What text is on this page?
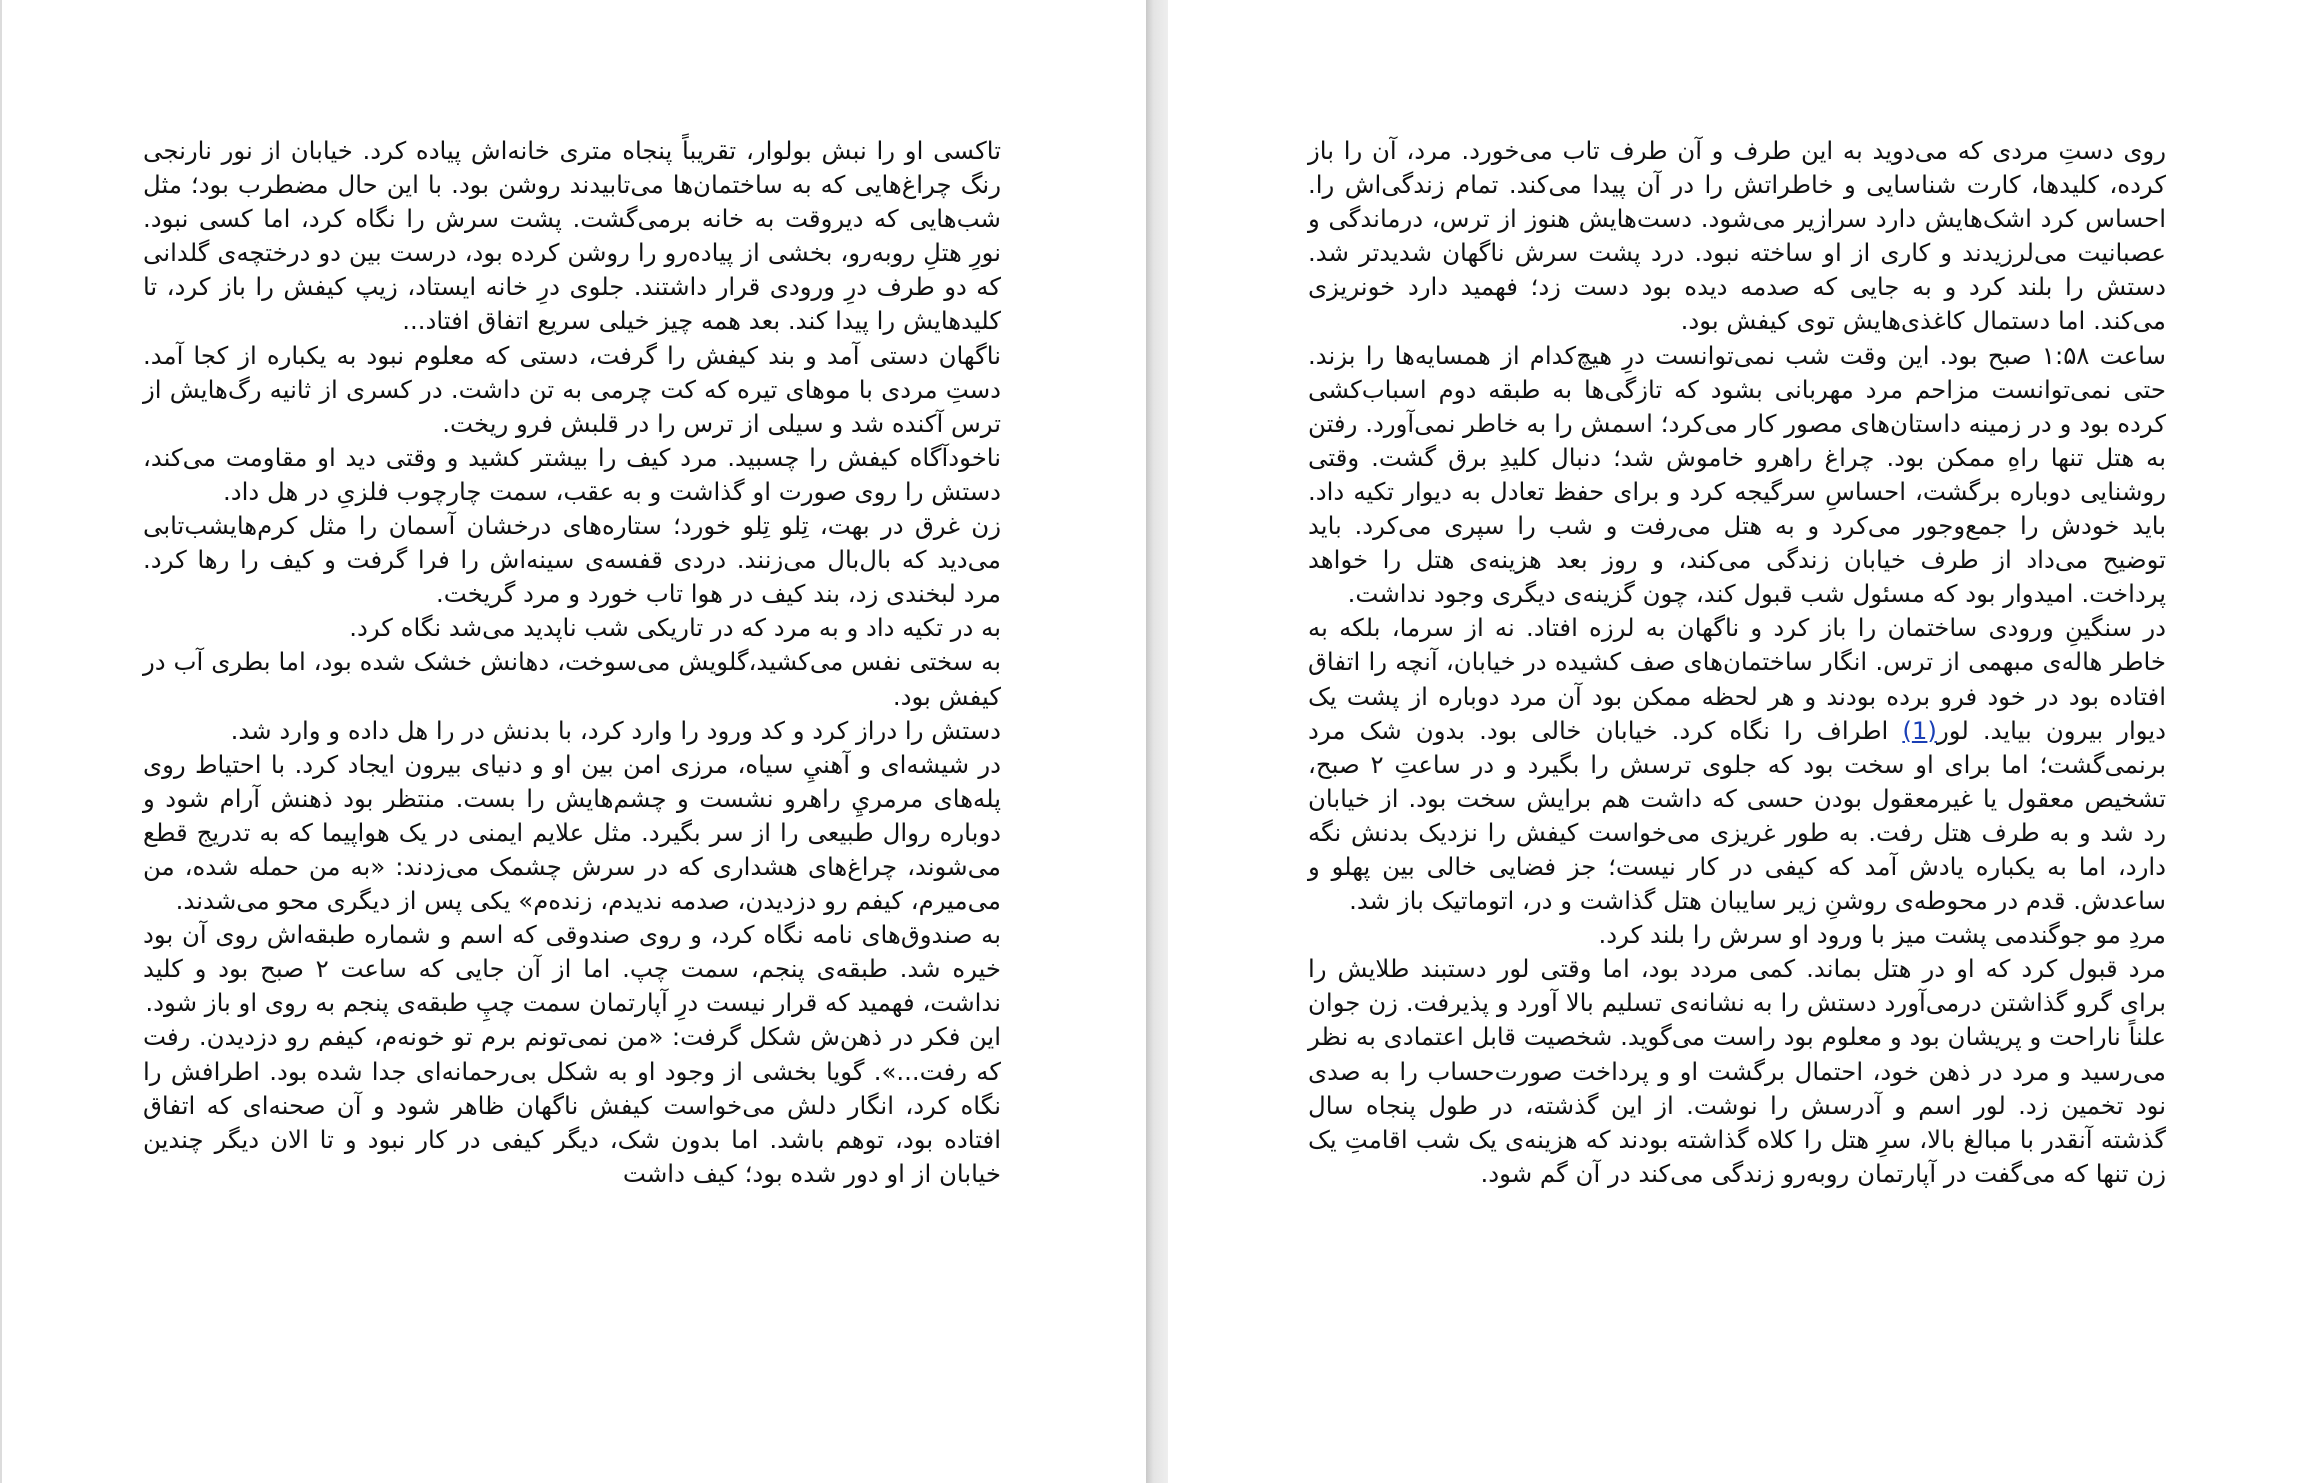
تاکسی او را نبش بولوار، تقریباً پنجاه متری خانه‌اش پیاده کرد. خیابان از نور نارنجی رنگ چراغ‌هایی که به ساختمان‌ها می‌تابیدند روشن بود. با این حال مضطرب بود؛ مثل شب‌هایی که دیروقت به خانه برمی‌گشت. پشت سرش را نگاه کرد، اما کسی نبود. نورِ هتلِ روبه‌رو، بخشی از پیاده‌رو را روشن کرده بود، درست بین دو درختچه‌ی گلدانی که دو طرف درِ ورودی قرار داشتند. جلوی درِ خانه ایستاد، زیپ کیفش را باز کرد، تا کلیدهایش را پیدا کند. بعد همه چیز خیلی سریع اتفاق افتاد...

ناگهان دستی آمد و بند کیفش را گرفت، دستی که معلوم نبود به یکباره از کجا آمد. دستِ مردی با موهای تیره که کت چرمی به تن داشت. در کسری از ثانیه رگ‌هایش از ترس آکنده شد و سیلی از ترس را در قلبش فرو ریخت.

ناخودآگاه کیفش را چسبید. مرد کیف را بیشتر کشید و وقتی دید او مقاومت می‌کند، دستش را روی صورت او گذاشت و به عقب، سمت چارچوب فلزیِ در هل داد.

زن غرق در بهت، تِلو تِلو خورد؛ ستاره‌های درخشان آسمان را مثل کرم‌هایشب‌تابی می‌دید که بال‌بال می‌زنند. دردی قفسه‌ی سینه‌اش را فرا گرفت و کیف را رها کرد. مرد لبخندی زد، بند کیف در هوا تاب خورد و مرد گریخت.

به در تکیه داد و به مرد که در تاریکی شب ناپدید می‌شد نگاه کرد.

به سختی نفس می‌کشید،گلویش می‌سوخت، دهانش خشک شده بود، اما بطری آب در کیفش بود.

دستش را دراز کرد و کد ورود را وارد کرد، با بدنش در را هل داده و وارد شد.

در شیشه‌ای و آهنيِ سیاه، مرزی امن بین او و دنیای بیرون ایجاد کرد. با احتیاط روی پله‌های مرمريِ راهرو نشست و چشم‌هایش را بست. منتظر بود ذهنش آرام شود و دوباره روال طبیعی را از سر بگیرد. مثل علایم ایمنی در یک هواپیما که به تدریج قطع می‌شوند، چراغ‌های هشداری که در سرش چشمک می‌زدند: «به من حمله شده، من می‌میرم، کیفم رو دزدیدن، صدمه ندیدم، زنده‌م» یکی پس از دیگری محو می‌شدند.

به صندوق‌های نامه نگاه کرد، و روی صندوقی که اسم و شماره طبقه‌اش روی آن بود خیره شد. طبقه‌ی پنجم، سمت چپ. اما از آن جایی که ساعت ۲ صبح بود و کلید نداشت، فهمید که قرار نیست درِ آپارتمان سمت چپِ طبقه‌ی پنجم به روی او باز شود.

این فکر در ذهن‌ش شکل گرفت: «من نمی‌تونم برم تو خونه‌م، کیفم رو دزدیدن. رفت که رفت...». گویا بخشی از وجود او به شکل بی‌رحمانه‌ای جدا شده بود. اطرافش را نگاه کرد، انگار دلش می‌خواست کیفش ناگهان ظاهر شود و آن صحنه‌ای که اتفاق افتاده بود، توهم باشد. اما بدون شک، دیگر کیفی در کار نبود و تا الان دیگر چندین خیابان از او دور شده بود؛ کیف داشت

روی دستِ مردی که می‌دوید به این طرف و آن طرف تاب می‌خورد. مرد، آن را باز کرده، کلیدها، کارت شناسایی و خاطراتش را در آن پیدا می‌کند. تمام زندگی‌اش را. احساس کرد اشک‌هایش دارد سرازیر می‌شود. دست‌هایش هنوز از ترس، درماندگی و عصبانیت می‌لرزیدند و کاری از او ساخته نبود. درد پشت سرش ناگهان شدیدتر شد. دستش را بلند کرد و به جایی که صدمه دیده بود دست زد؛ فهمید دارد خونریزی می‌کند. اما دستمال کاغذی‌هایش توی کیفش بود.

ساعت ۱:۵۸ صبح بود. این وقت شب نمی‌توانست درِ هیچ‌کدام از همسایه‌ها را بزند. حتی نمی‌توانست مزاحم مرد مهربانی بشود که تازگی‌ها به طبقه دوم اسباب‌کشی کرده بود و در زمینه داستان‌های مصور کار می‌کرد؛ اسمش را به خاطر نمی‌آورد. رفتن به هتل تنها راهِ ممکن بود. چراغ راهرو خاموش شد؛ دنبال کلیدِ برق گشت. وقتی روشنایی دوباره برگشت، احساسِ سرگیجه کرد و برای حفظ تعادل به دیوار تکیه داد. باید خودش را جمع‌وجور می‌کرد و به هتل می‌رفت و شب را سپری می‌کرد. باید توضیح می‌داد از طرف خیابان زندگی می‌کند، و روز بعد هزینه‌ی هتل را خواهد پرداخت. امیدوار بود که مسئول شب قبول کند، چون گزینه‌ی دیگری وجود نداشت.

در سنگینِ ورودی ساختمان را باز کرد و ناگهان به لرزه افتاد. نه از سرما، بلکه به خاطر هاله‌ی مبهمی از ترس. انگار ساختمان‌های صف کشیده در خیابان، آنچه را اتفاق افتاده بود در خود فرو برده بودند و هر لحظه ممکن بود آن مرد دوباره از پشت یک دیوار بیرون بیاید. لور(1) اطراف را نگاه کرد. خیابان خالی بود. بدون شک مرد برنمی‌گشت؛ اما برای او سخت بود که جلوی ترسش را بگیرد و در ساعتِ ۲ صبح، تشخیص معقول یا غیرمعقول بودن حسی که داشت هم برایش سخت بود. از خیابان رد شد و به طرف هتل رفت. به طور غریزی می‌خواست کیفش را نزدیک بدنش نگه دارد، اما به یکباره یادش آمد که کیفی در کار نیست؛ جز فضایی خالی بین پهلو و ساعدش. قدم در محوطه‌ی روشنِ زیر سایبان هتل گذاشت و در، اتوماتیک باز شد.

مردِ مو جوگندمی پشت میز با ورود او سرش را بلند کرد.

مرد قبول کرد که او در هتل بماند. کمی مردد بود، اما وقتی لور دستبند طلایش را برای گرو گذاشتن درمی‌آورد دستش را به نشانه‌ی تسلیم بالا آورد و پذیرفت. زن جوان علناً ناراحت و پریشان بود و معلوم بود راست می‌گوید. شخصیت قابل اعتمادی به نظر می‌رسید و مرد در ذهن خود، احتمال برگشت او و پرداخت صورت‌حساب را به صدی نود تخمین زد. لور اسم و آدرسش را نوشت. از این گذشته، در طول پنجاه سال گذشته آنقدر با مبالغ بالا، سرِ هتل را کلاه گذاشته بودند که هزینه‌ی یک شب اقامتِ یک زن تنها که می‌گفت در آپارتمان روبه‌رو زندگی می‌کند در آن گم شود.
